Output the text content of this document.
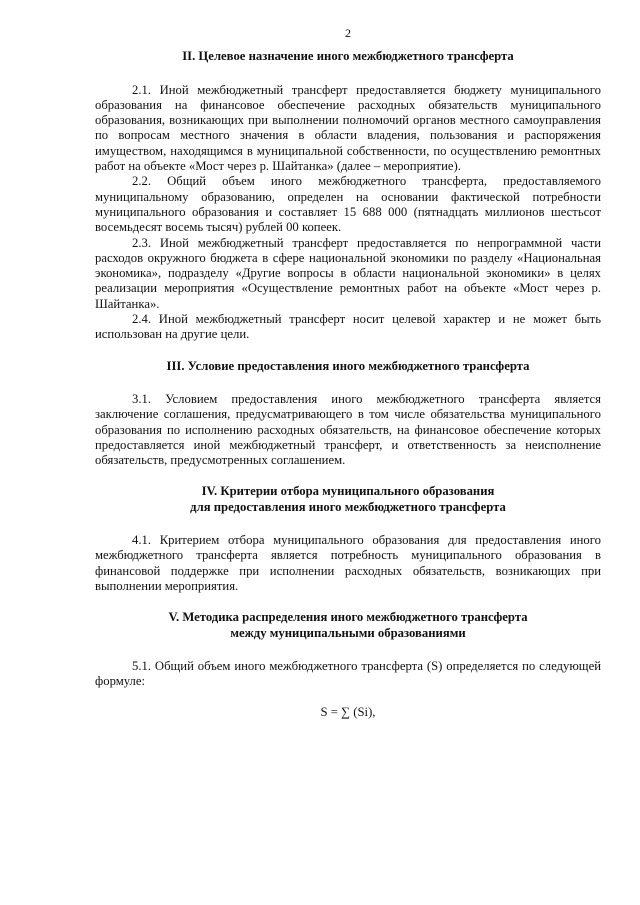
2

II. Целевое назначение иного межбюджетного трансферта

2.1. Иной межбюджетный трансферт предоставляется бюджету муниципального образования на финансовое обеспечение расходных обязательств муниципального образования, возникающих при выполнении полномочий органов местного самоуправления по вопросам местного значения в области владения, пользования и распоряжения имуществом, находящимся в муниципальной собственности, по осуществлению ремонтных работ на объекте «Мост через р. Шайтанка» (далее – мероприятие).

2.2. Общий объем иного межбюджетного трансферта, предоставляемого муниципальному образованию, определен на основании фактической потребности муниципального образования и составляет 15 688 000 (пятнадцать миллионов шестьсот восемьдесят восемь тысяч) рублей 00 копеек.

2.3. Иной межбюджетный трансферт предоставляется по непрограммной части расходов окружного бюджета в сфере национальной экономики по разделу «Национальная экономика», подразделу «Другие вопросы в области национальной экономики» в целях реализации мероприятия «Осуществление ремонтных работ на объекте «Мост через р. Шайтанка».

2.4. Иной межбюджетный трансферт носит целевой характер и не может быть использован на другие цели.

III. Условие предоставления иного межбюджетного трансферта

3.1. Условием предоставления иного межбюджетного трансферта является заключение соглашения, предусматривающего в том числе обязательства муниципального образования по исполнению расходных обязательств, на финансовое обеспечение которых предоставляется иной межбюджетный трансферт, и ответственность за неисполнение обязательств, предусмотренных соглашением.

IV. Критерии отбора муниципального образования

для предоставления иного межбюджетного трансферта

4.1. Критерием отбора муниципального образования для предоставления иного межбюджетного трансферта является потребность муниципального образования в финансовой поддержке при исполнении расходных обязательств, возникающих при выполнении мероприятия.

V. Методика распределения иного межбюджетного трансферта

между муниципальными образованиями

5.1. Общий объем иного межбюджетного трансферта (S) определяется по следующей формуле:

S = ∑ (Si),
